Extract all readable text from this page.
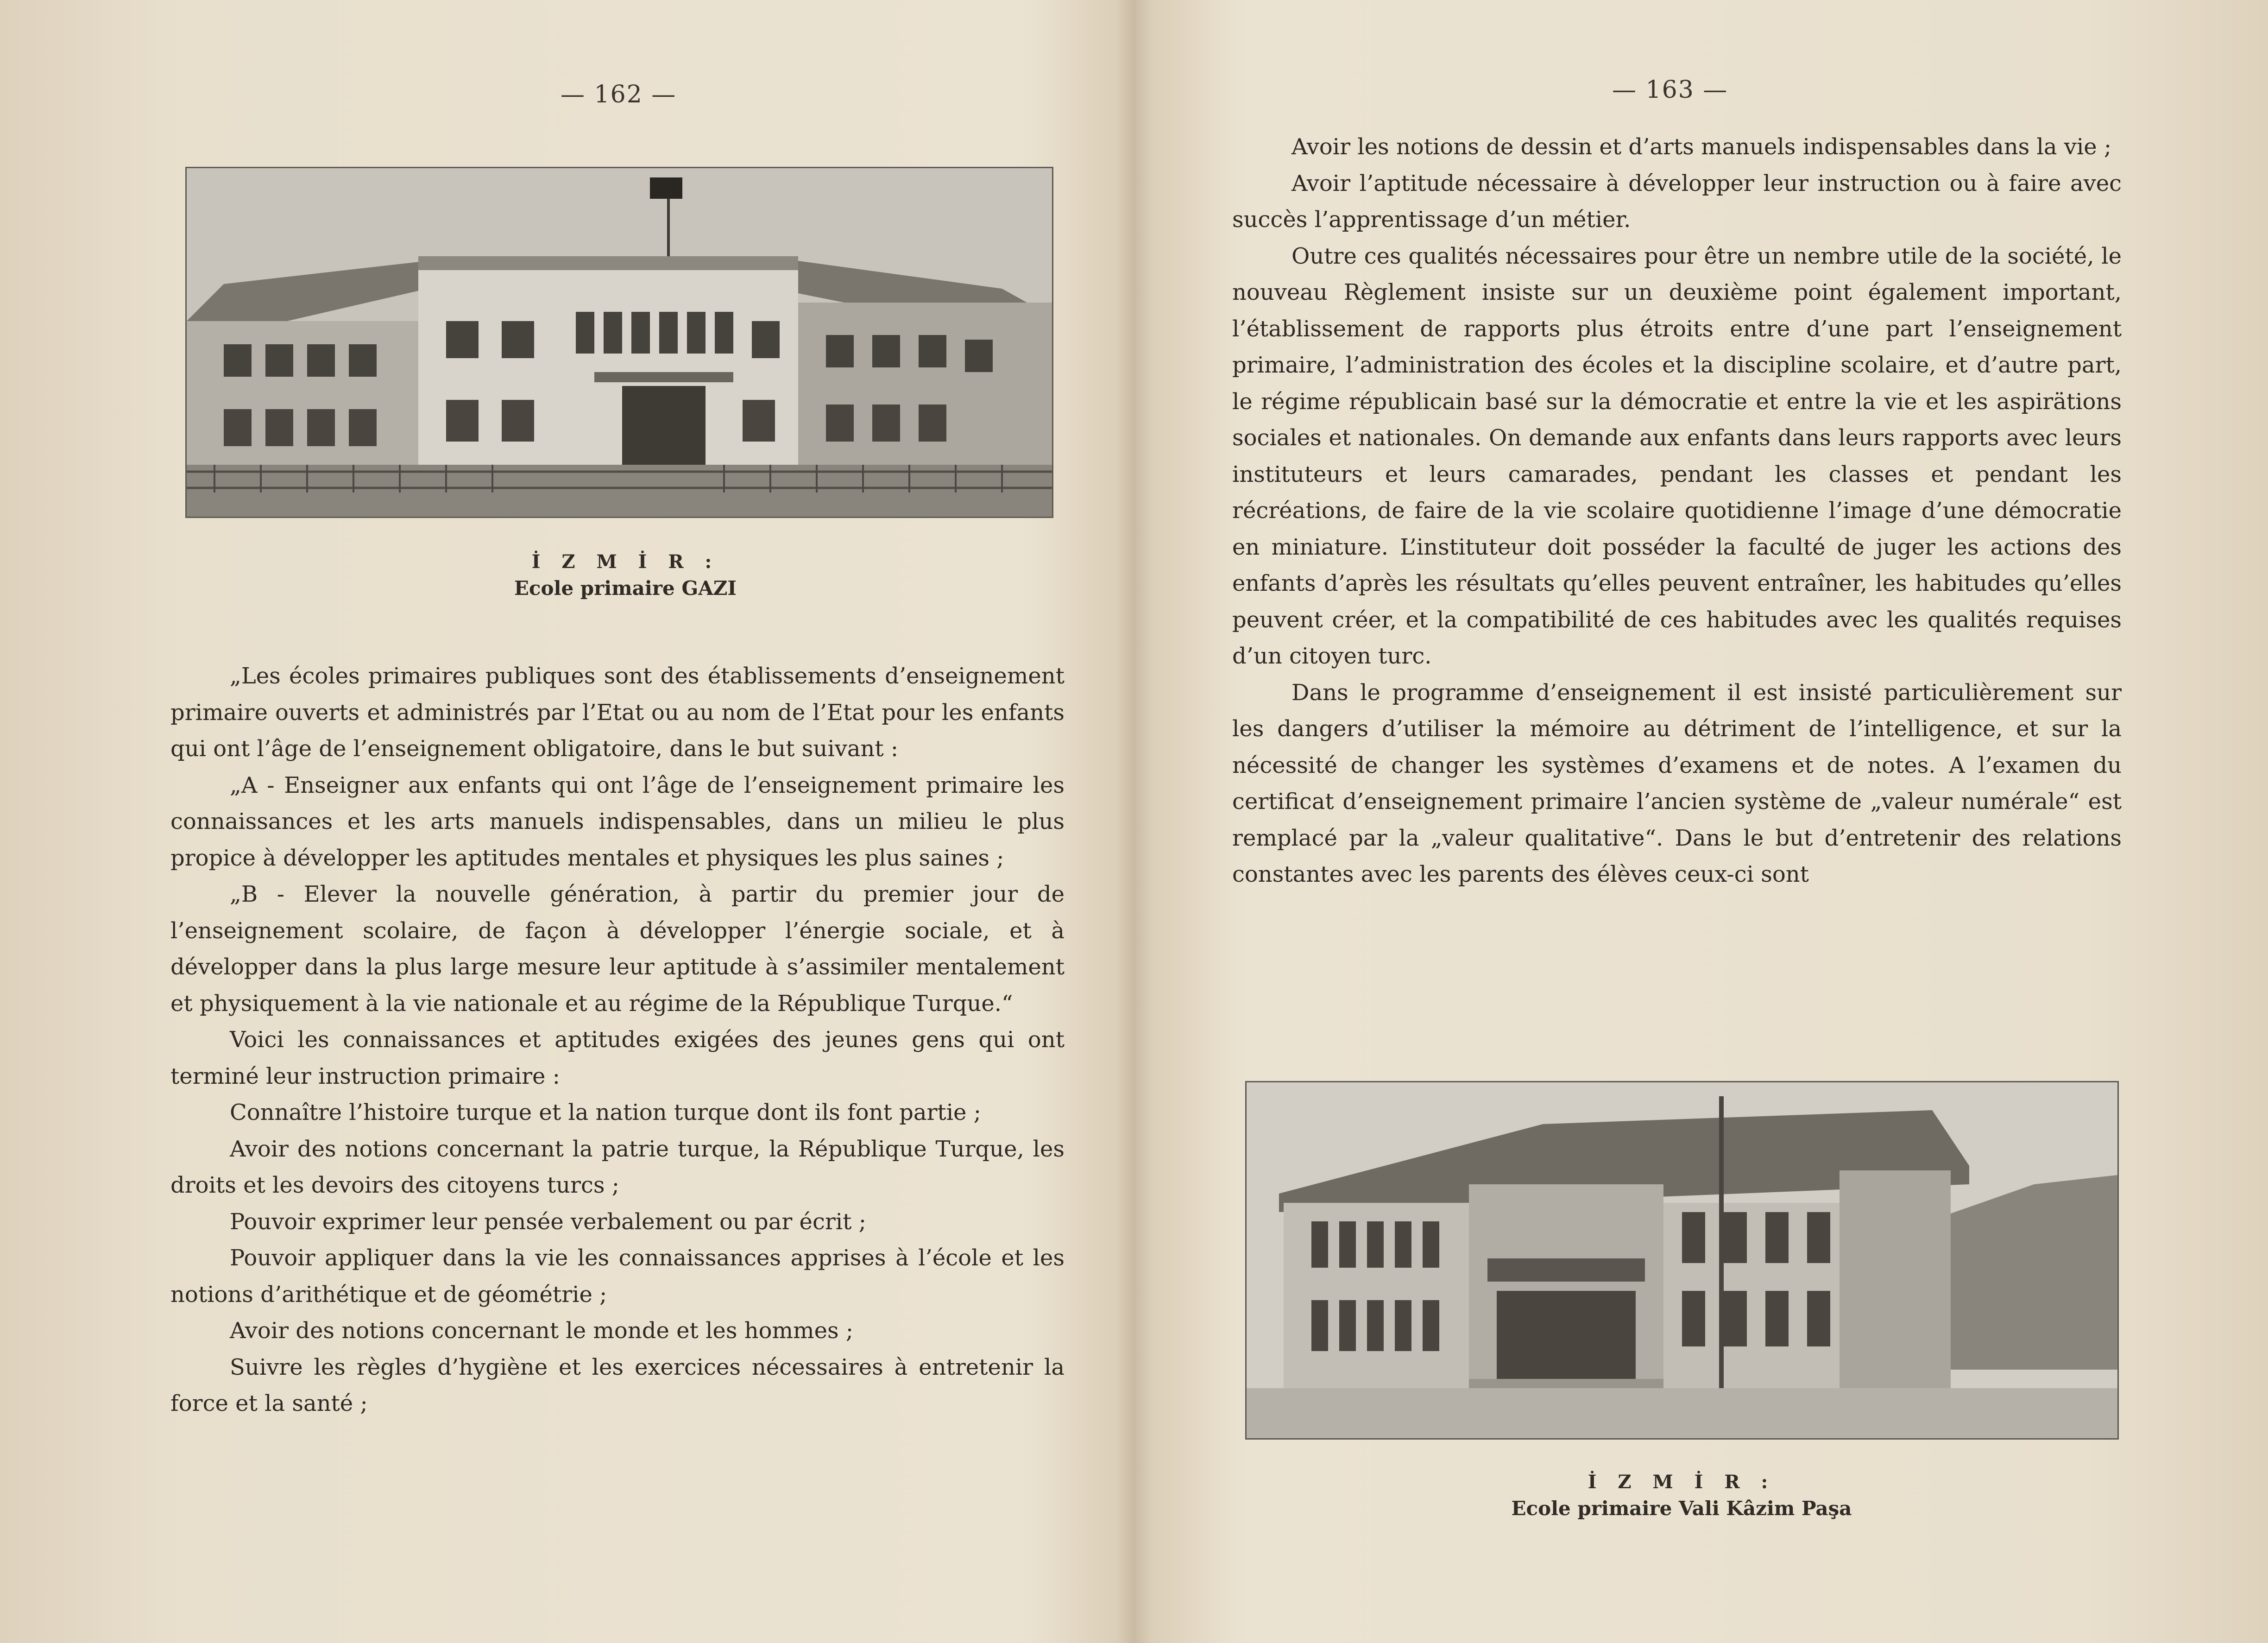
— 162 —
İ Z M İ R :
Ecole primaire GAZI

„Les écoles primaires publiques sont des établissements d’enseignement primaire ouverts et administrés par l’Etat ou au nom de l’Etat pour les enfants qui ont l’âge de l’enseignement obligatoire, dans le but suivant :

„A - Enseigner aux enfants qui ont l’âge de l’enseignement primaire les connaissances et les arts manuels indispensables, dans un milieu le plus propice à développer les aptitudes mentales et physiques les plus saines ;

„B - Elever la nouvelle génération, à partir du premier jour de l’enseignement scolaire, de façon à développer l’énergie sociale, et à développer dans la plus large mesure leur aptitude à s’assimiler mentalement et physiquement à la vie nationale et au régime de la République Turque.“

Voici les connaissances et aptitudes exigées des jeunes gens qui ont terminé leur instruction primaire :

Connaître l’histoire turque et la nation turque dont ils font partie ;

Avoir des notions concernant la patrie turque, la République Turque, les droits et les devoirs des citoyens turcs ;

Pouvoir exprimer leur pensée verbalement ou par écrit ;

Pouvoir appliquer dans la vie les connaissances apprises à l’école et les notions d’arithétique et de géométrie ;

Avoir des notions concernant le monde et les hommes ;

Suivre les règles d’hygiène et les exercices nécessaires à entretenir la force et la santé ;

— 163 —

Avoir les notions de dessin et d’arts manuels indispensables dans la vie ;

Avoir l’aptitude nécessaire à développer leur instruction ou à faire avec succès l’apprentissage d’un métier.

Outre ces qualités nécessaires pour être un nembre utile de la société, le nouveau Règlement insiste sur un deuxième point également important, l’établissement de rapports plus étroits entre d’une part l’enseignement primaire, l’administration des écoles et la discipline scolaire, et d’autre part, le régime républicain basé sur la démocratie et entre la vie et les aspirätions sociales et nationales. On demande aux enfants dans leurs rapports avec leurs instituteurs et leurs camarades, pendant les classes et pendant les récréations, de faire de la vie scolaire quotidienne l’image d’une démocratie en miniature. L’instituteur doit posséder la faculté de juger les actions des enfants d’après les résultats qu’elles peuvent entraîner, les habitudes qu’elles peuvent créer, et la compatibilité de ces habitudes avec les qualités requises d’un citoyen turc.

Dans le programme d’enseignement il est insisté particulièrement sur les dangers d’utiliser la mémoire au détriment de l’intelligence, et sur la nécessité de changer les systèmes d’examens et de notes. A l’examen du certificat d’enseignement primaire l’ancien système de „valeur numérale“ est remplacé par la „valeur qualitative“. Dans le but d’entretenir des relations constantes avec les parents des élèves ceux-ci sont

İ Z M İ R :
Ecole primaire Vali Kâzim Paşa
